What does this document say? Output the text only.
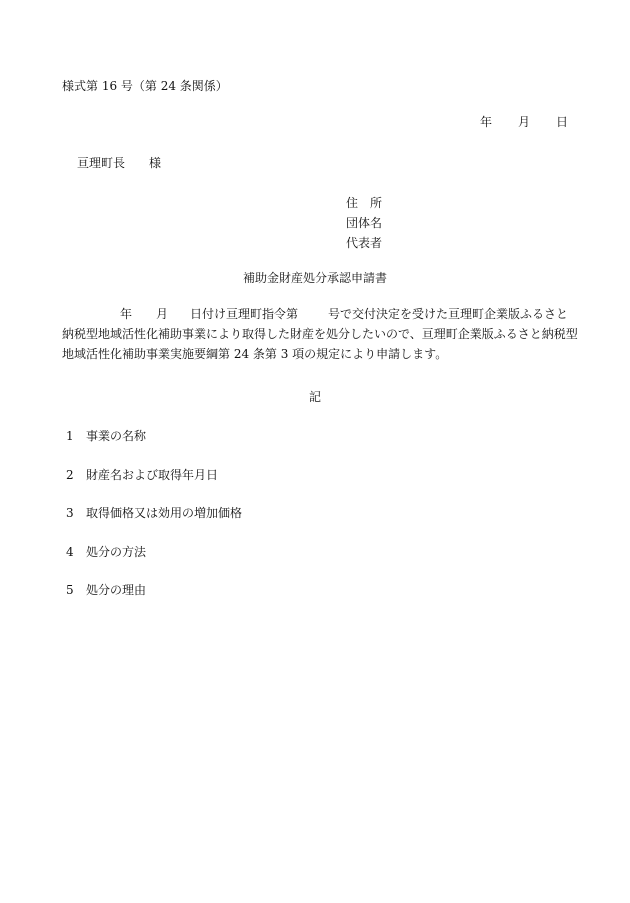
様式第 16 号（第 24 条関係）
年 月 日
亘理町長 様
住　所
団体名
代表者
補助金財産処分承認申請書
年 月 日付け亘理町指令第	号で交付決定を受けた亘理町企業版ふるさと
納税型地域活性化補助事業により取得した財産を処分したいので、亘理町企業版ふるさと納税型
地域活性化補助事業実施要綱第 24 条第 3 項の規定により申請します。
記
1 事業の名称
2 財産名および取得年月日
3 取得価格又は効用の増加価格
4 処分の方法
5 処分の理由
